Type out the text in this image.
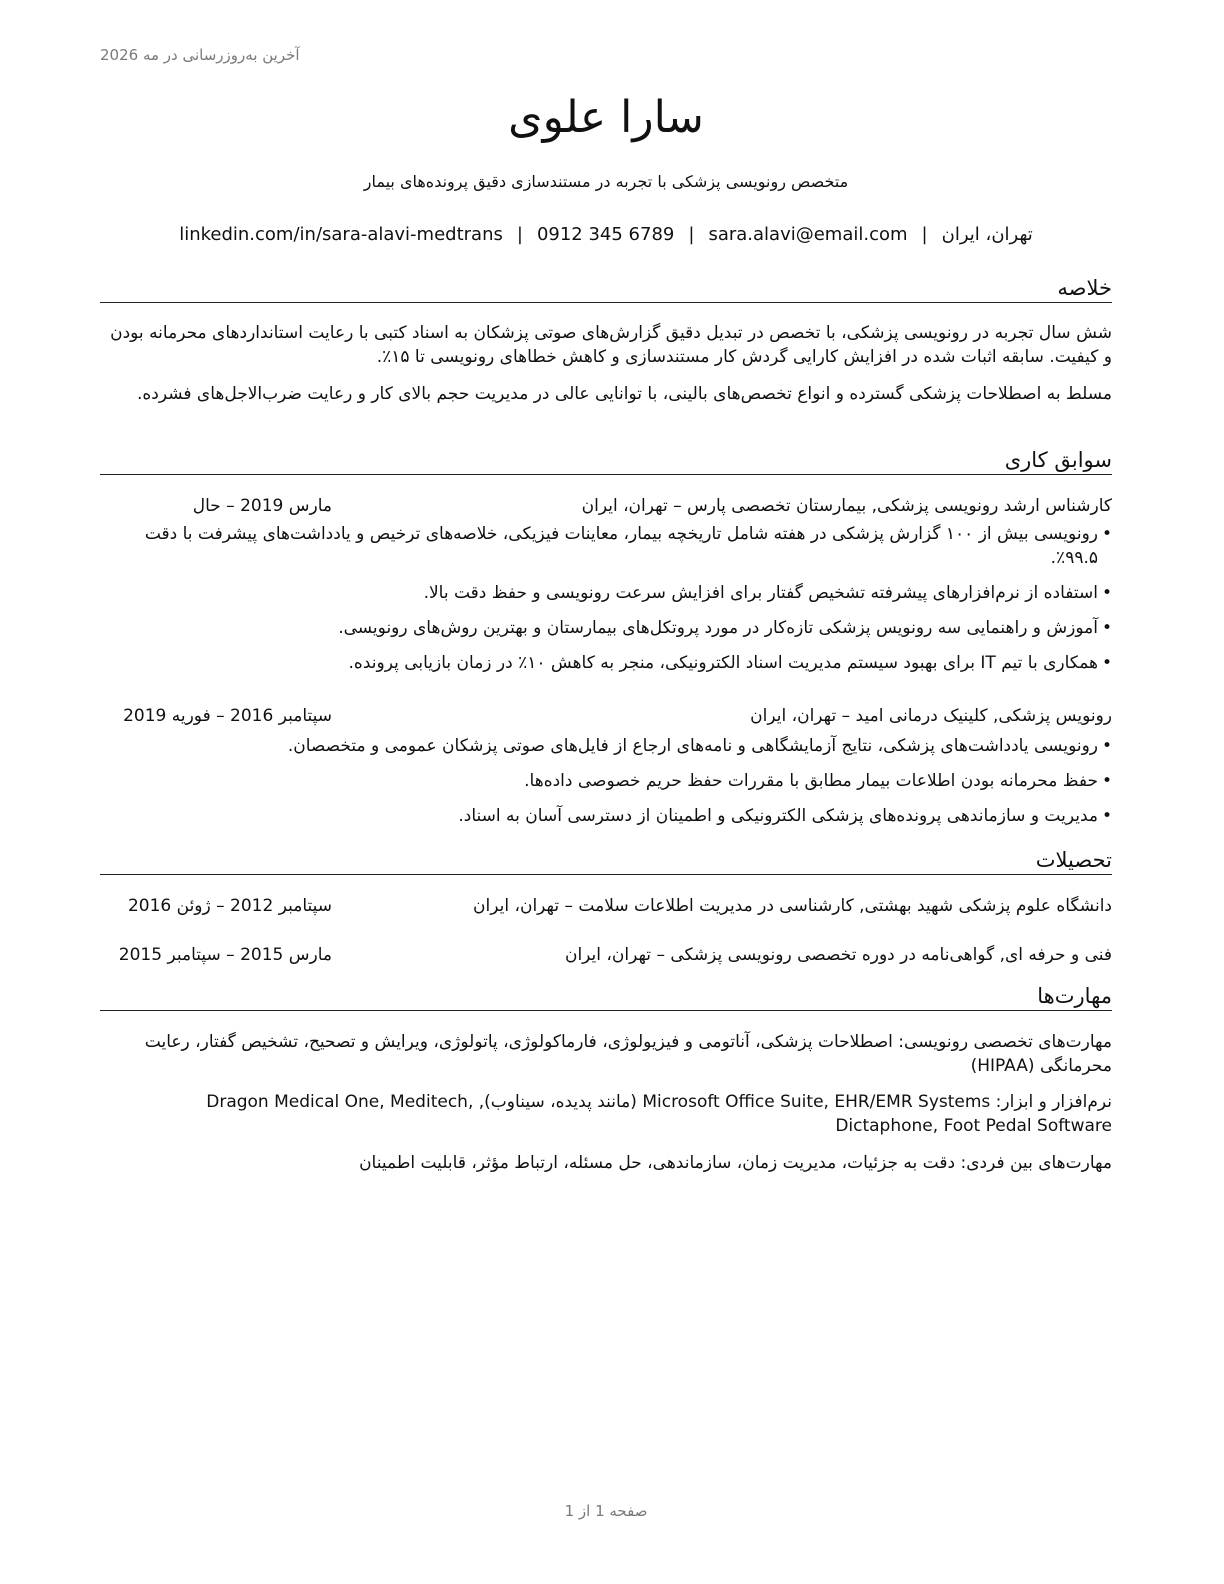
آخرین به‌روزرسانی در مه 2026
سارا علوی
متخصص رونویسی پزشکی با تجربه در مستندسازی دقیق پرونده‌های بیمار
تهران، ایران|sara.alavi@email.com|0912 345 6789|linkedin.com/in/sara-alavi-medtrans
خلاصه
شش سال تجربه در رونویسی پزشکی، با تخصص در تبدیل دقیق گزارش‌های صوتی پزشکان به اسناد کتبی با رعایت استانداردهای محرمانه بودن و کیفیت. سابقه اثبات شده در افزایش کارایی گردش کار مستندسازی و کاهش خطاهای رونویسی تا ۱۵٪.
مسلط به اصطلاحات پزشکی گسترده و انواع تخصص‌های بالینی، با توانایی عالی در مدیریت حجم بالای کار و رعایت ضرب‌الاجل‌های فشرده.
سوابق کاری
کارشناس ارشد رونویسی پزشکی, بیمارستان تخصصی پارس – تهران، ایران
مارس 2019 – حال
• رونویسی بیش از ۱۰۰ گزارش پزشکی در هفته شامل تاریخچه بیمار، معاینات فیزیکی، خلاصه‌های ترخیص و یادداشت‌های پیشرفت با دقت ۹۹.۵٪.
• استفاده از نرم‌افزارهای پیشرفته تشخیص گفتار برای افزایش سرعت رونویسی و حفظ دقت بالا.
• آموزش و راهنمایی سه رونویس پزشکی تازه‌کار در مورد پروتکل‌های بیمارستان و بهترین روش‌های رونویسی.
• همکاری با تیم IT برای بهبود سیستم مدیریت اسناد الکترونیکی، منجر به کاهش ۱۰٪ در زمان بازیابی پرونده.
رونویس پزشکی, کلینیک درمانی امید – تهران، ایران
سپتامبر 2016 – فوریه 2019
• رونویسی یادداشت‌های پزشکی، نتایج آزمایشگاهی و نامه‌های ارجاع از فایل‌های صوتی پزشکان عمومی و متخصصان.
• حفظ محرمانه بودن اطلاعات بیمار مطابق با مقررات حفظ حریم خصوصی داده‌ها.
• مدیریت و سازماندهی پرونده‌های پزشکی الکترونیکی و اطمینان از دسترسی آسان به اسناد.
تحصیلات
دانشگاه علوم پزشکی شهید بهشتی, کارشناسی در مدیریت اطلاعات سلامت – تهران، ایران
سپتامبر 2012 – ژوئن 2016
فنی و حرفه ای, گواهی‌نامه در دوره تخصصی رونویسی پزشکی – تهران، ایران
مارس 2015 – سپتامبر 2015
مهارت‌ها
مهارت‌های تخصصی رونویسی: اصطلاحات پزشکی، آناتومی و فیزیولوژی، فارماکولوژی، پاتولوژی، ویرایش و تصحیح، تشخیص گفتار، رعایت محرمانگی (HIPAA)
نرم‌افزار و ابزار: Microsoft Office Suite, EHR/EMR Systems (مانند پدیده، سیناوب), Dragon Medical One, Meditech, Dictaphone, Foot Pedal Software
مهارت‌های بین فردی: دقت به جزئیات، مدیریت زمان، سازماندهی، حل مسئله، ارتباط مؤثر، قابلیت اطمینان
صفحه 1 از 1
